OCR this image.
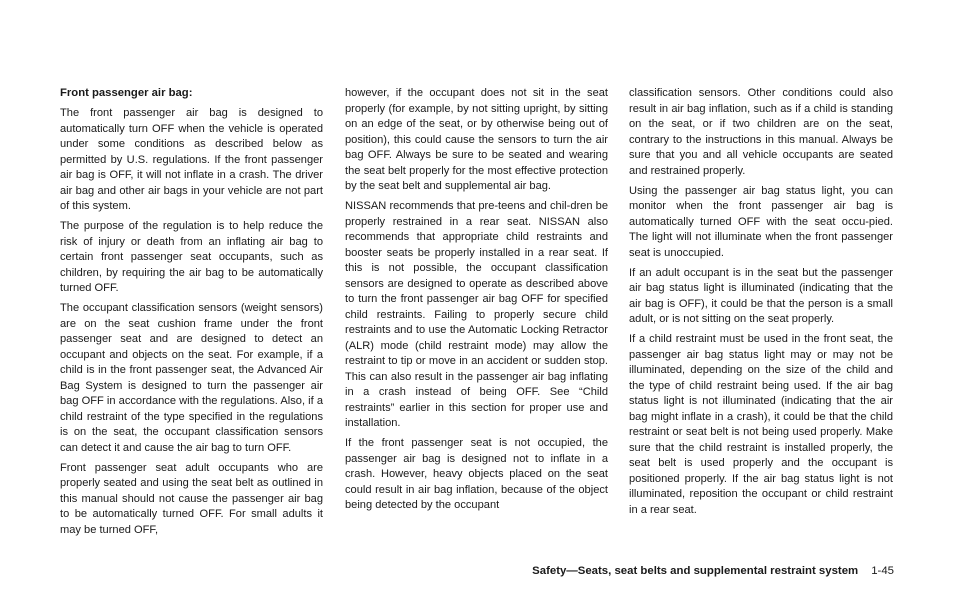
Front passenger air bag:

The front passenger air bag is designed to automatically turn OFF when the vehicle is operated under some conditions as described below as permitted by U.S. regulations. If the front passenger air bag is OFF, it will not inflate in a crash. The driver air bag and other air bags in your vehicle are not part of this system.

The purpose of the regulation is to help reduce the risk of injury or death from an inflating air bag to certain front passenger seat occupants, such as children, by requiring the air bag to be automatically turned OFF.

The occupant classification sensors (weight sensors) are on the seat cushion frame under the front passenger seat and are designed to detect an occupant and objects on the seat. For example, if a child is in the front passenger seat, the Advanced Air Bag System is designed to turn the passenger air bag OFF in accordance with the regulations. Also, if a child restraint of the type specified in the regulations is on the seat, the occupant classification sensors can detect it and cause the air bag to turn OFF.

Front passenger seat adult occupants who are properly seated and using the seat belt as outlined in this manual should not cause the passenger air bag to be automatically turned OFF. For small adults it may be turned OFF,

however, if the occupant does not sit in the seat properly (for example, by not sitting upright, by sitting on an edge of the seat, or by otherwise being out of position), this could cause the sensors to turn the air bag OFF. Always be sure to be seated and wearing the seat belt properly for the most effective protection by the seat belt and supplemental air bag.

NISSAN recommends that pre-teens and chil-dren be properly restrained in a rear seat. NISSAN also recommends that appropriate child restraints and booster seats be properly installed in a rear seat. If this is not possible, the occupant classification sensors are designed to operate as described above to turn the front passenger air bag OFF for specified child restraints. Failing to properly secure child restraints and to use the Automatic Locking Retractor (ALR) mode (child restraint mode) may allow the restraint to tip or move in an accident or sudden stop. This can also result in the passenger air bag inflating in a crash instead of being OFF. See “Child restraints” earlier in this section for proper use and installation.

If the front passenger seat is not occupied, the passenger air bag is designed not to inflate in a crash. However, heavy objects placed on the seat could result in air bag inflation, because of the object being detected by the occupant

classification sensors. Other conditions could also result in air bag inflation, such as if a child is standing on the seat, or if two children are on the seat, contrary to the instructions in this manual. Always be sure that you and all vehicle occupants are seated and restrained properly.

Using the passenger air bag status light, you can monitor when the front passenger air bag is automatically turned OFF with the seat occu-pied. The light will not illuminate when the front passenger seat is unoccupied.

If an adult occupant is in the seat but the passenger air bag status light is illuminated (indicating that the air bag is OFF), it could be that the person is a small adult, or is not sitting on the seat properly.

If a child restraint must be used in the front seat, the passenger air bag status light may or may not be illuminated, depending on the size of the child and the type of child restraint being used. If the air bag status light is not illuminated (indicating that the air bag might inflate in a crash), it could be that the child restraint or seat belt is not being used properly. Make sure that the child restraint is installed properly, the seat belt is used properly and the occupant is positioned properly. If the air bag status light is not illuminated, reposition the occupant or child restraint in a rear seat.

Safety—Seats, seat belts and supplemental restraint system 1-45
